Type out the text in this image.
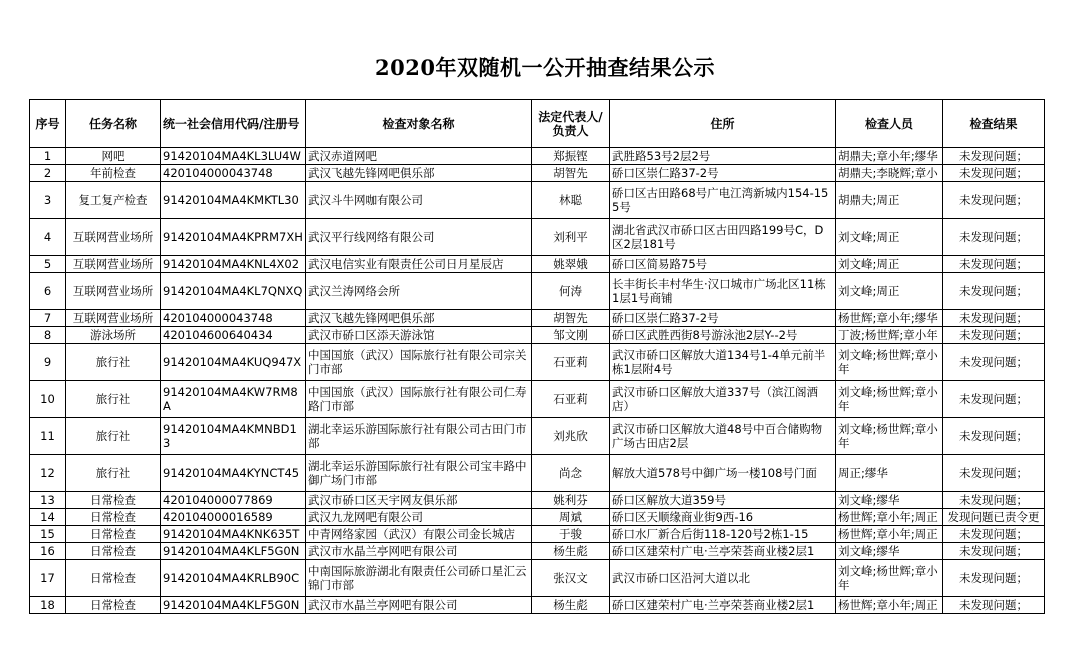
2020年双随机一公开抽查结果公示
序号	任务名称	统一社会信用代码/注册号	检查对象名称	法定代表人/负责人	住所	检查人员	检查结果
1	网吧	91420104MA4KL3LU4W	武汉赤道网吧	郑振铿	武胜路53号2层2号	胡鼎夫;章小年;缪华	未发现问题；
2	年前检查	420104000043748	武汉飞越先锋网吧俱乐部	胡智先	硚口区崇仁路37-2号	胡鼎夫;李晓辉;章小	未发现问题；
3	复工复产检查	91420104MA4KMKTL30	武汉斗牛网咖有限公司	林聪	硚口区古田路68号广电江湾新城内154-155号	胡鼎夫;周正	未发现问题；
4	互联网营业场所	91420104MA4KPRM7XH	武汉平行线网络有限公司	刘利平	湖北省武汉市硚口区古田四路199号C，D区2层181号	刘文峰;周正	未发现问题；
5	互联网营业场所	91420104MA4KNL4X02	武汉电信实业有限责任公司日月星辰店	姚翠娥	硚口区简易路75号	刘文峰;周正	未发现问题；
6	互联网营业场所	91420104MA4KL7QNXQ	武汉兰涛网络会所	何涛	长丰街长丰村华生·汉口城市广场北区11栋1层1号商铺	刘文峰;周正	未发现问题；
7	互联网营业场所	420104000043748	武汉飞越先锋网吧俱乐部	胡智先	硚口区崇仁路37-2号	杨世辉;章小年;缪华	未发现问题；
8	游泳场所	420104600640434	武汉市硚口区添天游泳馆	邹文刚	硚口区武胜西街8号游泳池2层Y--2号	丁波;杨世辉;章小年	未发现问题；
9	旅行社	91420104MA4KUQ947X	中国国旅（武汉）国际旅行社有限公司宗关门市部	石亚莉	武汉市硚口区解放大道134号1-4单元前半栋1层附4号	刘文峰;杨世辉;章小年	未发现问题；
10	旅行社	91420104MA4KW7RM8A	中国国旅（武汉）国际旅行社有限公司仁寿路门市部	石亚莉	武汉市硚口区解放大道337号（滨江阁酒店）	刘文峰;杨世辉;章小年	未发现问题；
11	旅行社	91420104MA4KMNBD13	湖北幸运乐游国际旅行社有限公司古田门市部	刘兆欣	武汉市硚口区解放大道48号中百合储购物广场古田店2层	刘文峰;杨世辉;章小年	未发现问题；
12	旅行社	91420104MA4KYNCT45	湖北幸运乐游国际旅行社有限公司宝丰路中御广场门市部	尚念	解放大道578号中御广场一楼108号门面	周正;缪华	未发现问题；
13	日常检查	420104000077869	武汉市硚口区天宇网友俱乐部	姚利芬	硚口区解放大道359号	刘文峰;缪华	未发现问题；
14	日常检查	420104000016589	武汉九龙网吧有限公司	周斌	硚口区天顺缘商业街9西-16	杨世辉;章小年;周正	发现问题已责令更
15	日常检查	91420104MA4KNK635T	中青网络家园（武汉）有限公司金长城店	于骏	硚口水厂新合后街118-120号2栋1-15	杨世辉;章小年;周正	未发现问题；
16	日常检查	91420104MA4KLF5G0N	武汉市水晶兰亭网吧有限公司	杨生彪	硚口区建荣村广电·兰亭荣荟商业楼2层1	刘文峰;缪华	未发现问题；
17	日常检查	91420104MA4KRLB90C	中南国际旅游湖北有限责任公司硚口星汇云锦门市部	张汉文	武汉市硚口区沿河大道以北	刘文峰;杨世辉;章小年	未发现问题；
18	日常检查	91420104MA4KLF5G0N	武汉市水晶兰亭网吧有限公司	杨生彪	硚口区建荣村广电·兰亭荣荟商业楼2层1	杨世辉;章小年;周正	未发现问题；
